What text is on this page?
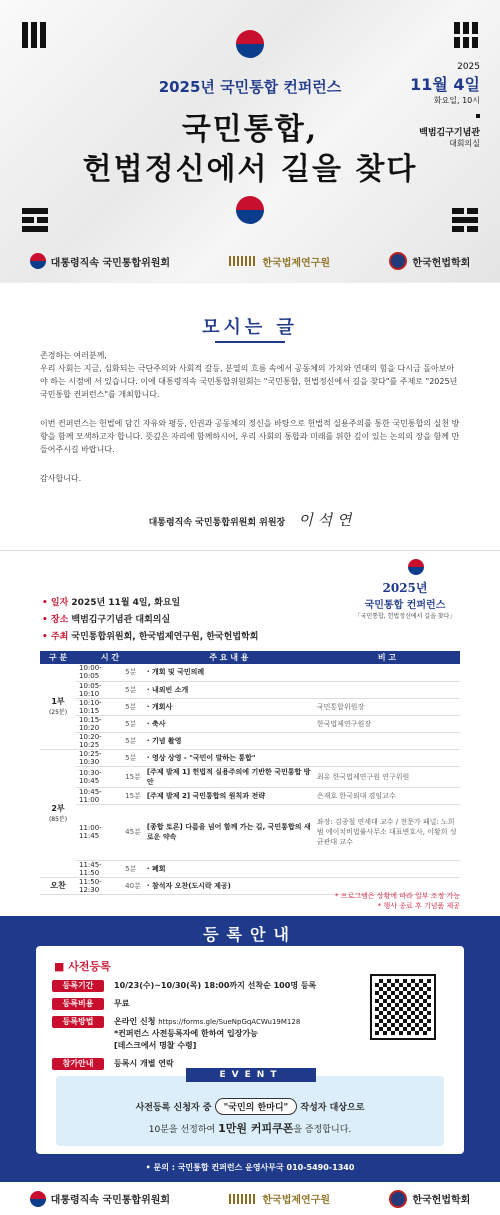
2025년 국민통합 컨퍼런스
국민통합,
헌법정신에서 길을 찾다
2025
11월 4일
화요일, 10시
백범김구기념관
대회의실
대통령직속 국민통합위원회	한국법제연구원	한국헌법학회
모시는 글

존경하는 여러분께,

우리 사회는 지금, 심화되는 극단주의와 사회적 갈등, 분열의 흐름 속에서 공동체의 가치와 연대의 힘을 다시금 돌아보아야 하는 시점에 서 있습니다. 이에 대통령직속 국민통합위원회는 "국민통합, 헌법정신에서 길을 찾다"를 주제로 "2025년 국민통합 컨퍼런스"를 개최합니다.

이번 컨퍼런스는 헌법에 담긴 자유와 평등, 인권과 공동체의 정신을 바탕으로 헌법적 실용주의를 통한 국민통합의 실천 방향을 함께 모색하고자 합니다. 뜻깊은 자리에 함께하시어, 우리 사회의 통합과 미래를 위한 깊이 있는 논의의 장을 함께 만들어주시길 바랍니다.

감사합니다.

대통령직속 국민통합위원회 위원장 이 석 연
• 일자 2025년 11월 4일, 화요일
• 장소 백범김구기념관 대회의실
• 주최 국민통합위원회, 한국법제연구원, 한국헌법학회
2025년
국민통합 컨퍼런스
「국민통합, 헌법정신에서 길을 찾다」
구 분	시 간		주 요 내 용	비 고
1부
(25분)	10:00-10:05	5분	· 개회 및 국민의례	
	10:05-10:10	5분	· 내외빈 소개	
	10:10-10:15	5분	· 개회사	국민통합위원장
	10:15-10:20	5분	· 축사	한국법제연구원장
	10:20-10:25	5분	· 기념 촬영	
2부
(85분)	10:25-10:30	5분	· 영상 상영 - "국민이 말하는 통합"	
	10:30-10:45	15분	[주제 발제 1] 헌법적 실용주의에 기반한 국민통합 방안	최유 한국법제연구원 연구위원
	10:45-11:00	15분	[주제 발제 2] 국민통합의 원칙과 전략	은재호 한국외대 겸임교수
	11:00-11:45	45분	[종합 토론] 다름을 넘어 함께 가는 길, 국민통합의 새로운 약속	좌장: 김종철 연세대 교수 / 전문가 패널: 노희범 에이치비법률사무소 대표변호사, 이황희 성균관대 교수
	11:45-11:50	5분	· 폐회	
오찬	11:50-12:30	40분	· 참석자 오찬(도시락 제공)	
* 프로그램은 상황에 따라 일부 조정 가능
* 행사 종료 후 기념품 제공
등록안내
■ 사전등록
등록기간	10/23(수)~10/30(목) 18:00까지 선착순 100명 등록
등록비용	무료
등록방법	온라인 신청 https://forms.gle/SueNpGqACWu19M128
*컨퍼런스 사전등록자에 한하여 입장가능
[데스크에서 명찰 수령]
참가안내	등록시 개별 연락
EVENT
사전등록 신청자 중 "국민의 한마디" 작성자 대상으로
10분을 선정하여 1만원 커피쿠폰을 증정합니다.
• 문의 : 국민통합 컨퍼런스 운영사무국 010-5490-1340
대통령직속 국민통합위원회	한국법제연구원	한국헌법학회
